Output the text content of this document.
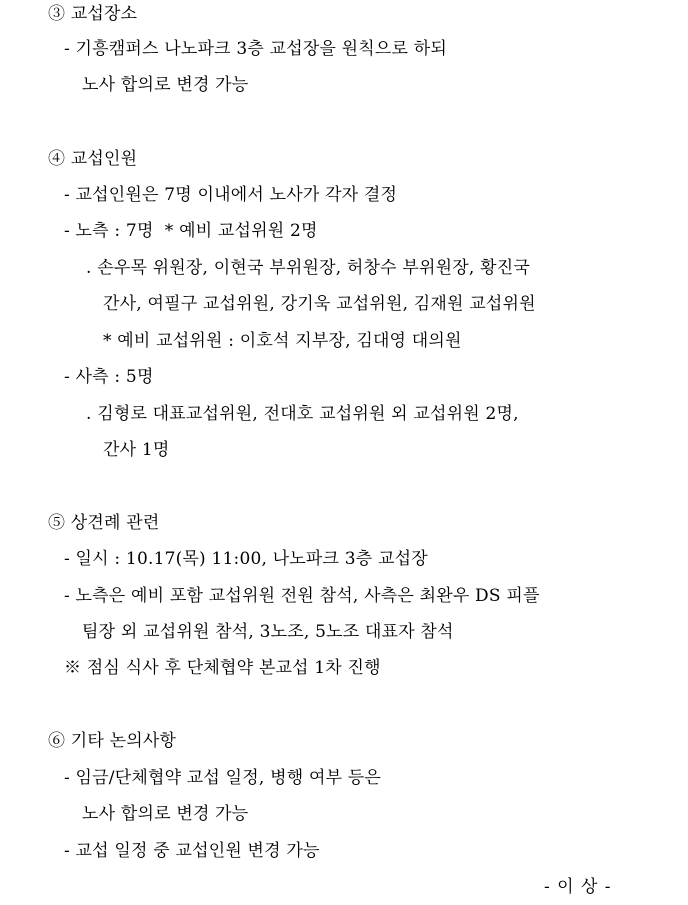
③ 교섭장소
- 기흥캠퍼스 나노파크 3층 교섭장을 원칙으로 하되
노사 합의로 변경 가능
④ 교섭인원
- 교섭인원은 7명 이내에서 노사가 각자 결정
- 노측 : 7명  * 예비 교섭위원 2명
. 손우목 위원장, 이현국 부위원장, 허창수 부위원장, 황진국
간사, 여필구 교섭위원, 강기욱 교섭위원, 김재원 교섭위원
* 예비 교섭위원 : 이호석 지부장, 김대영 대의원
- 사측 : 5명
. 김형로 대표교섭위원, 전대호 교섭위원 외 교섭위원 2명,
간사 1명
⑤ 상견례 관련
- 일시 : 10.17(목) 11:00, 나노파크 3층 교섭장
- 노측은 예비 포함 교섭위원 전원 참석, 사측은 최완우 DS 피플
팀장 외 교섭위원 참석, 3노조, 5노조 대표자 참석
※ 점심 식사 후 단체협약 본교섭 1차 진행
⑥ 기타 논의사항
- 임금/단체협약 교섭 일정, 병행 여부 등은
노사 합의로 변경 가능
- 교섭 일정 중 교섭인원 변경 가능
- 이 상 -
